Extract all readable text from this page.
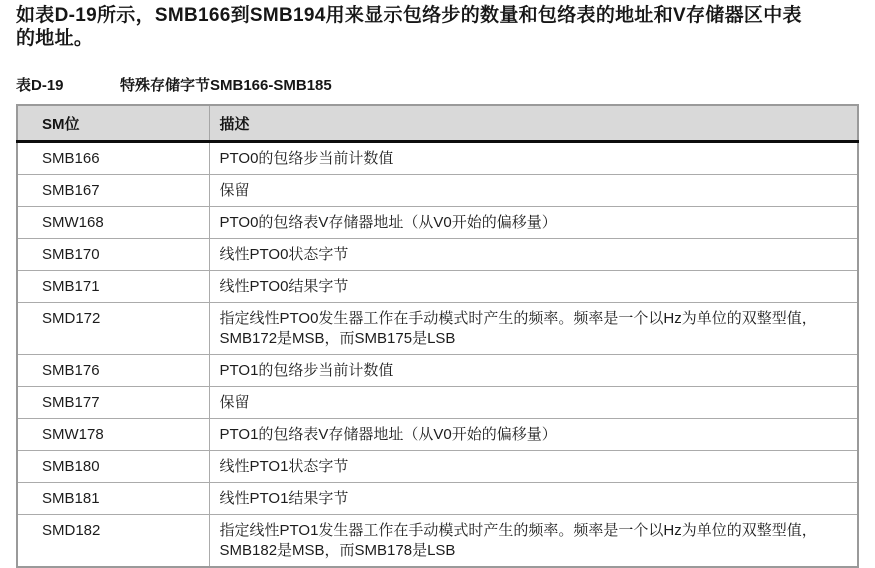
如表D-19所示，SMB166到SMB194用来显示包络步的数量和包络表的地址和V存储器区中表的地址。
表D-19	特殊存储字节SMB166-SMB185
SM位	描述
SMB166	PTO0的包络步当前计数值
SMB167	保留
SMW168	PTO0的包络表V存储器地址（从V0开始的偏移量）
SMB170	线性PTO0状态字节
SMB171	线性PTO0结果字节
SMD172	指定线性PTO0发生器工作在手动模式时产生的频率。频率是一个以Hz为单位的双整型值，SMB172是MSB，而SMB175是LSB
SMB176	PTO1的包络步当前计数值
SMB177	保留
SMW178	PTO1的包络表V存储器地址（从V0开始的偏移量）
SMB180	线性PTO1状态字节
SMB181	线性PTO1结果字节
SMD182	指定线性PTO1发生器工作在手动模式时产生的频率。频率是一个以Hz为单位的双整型值，SMB182是MSB，而SMB178是LSB
